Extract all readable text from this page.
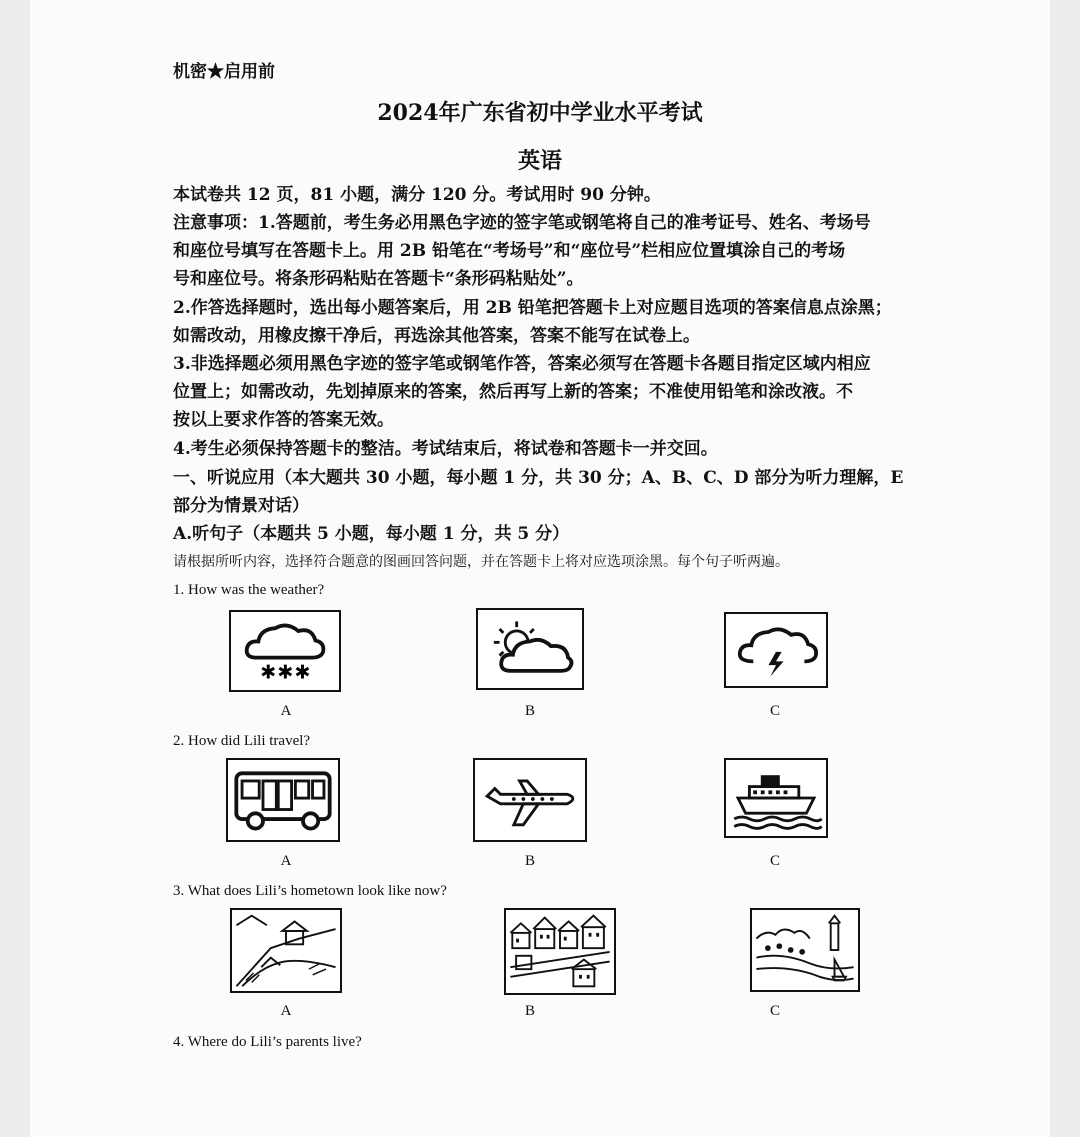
机密★启用前
2024年广东省初中学业水平考试
英语
本试卷共 12 页，81 小题，满分 120 分。考试用时 90 分钟。
注意事项：1.答题前，考生务必用黑色字迹的签字笔或钢笔将自己的准考证号、姓名、考场号
和座位号填写在答题卡上。用 2B 铅笔在“考场号”和“座位号”栏相应位置填涂自己的考场
号和座位号。将条形码粘贴在答题卡“条形码粘贴处”。
2.作答选择题时，选出每小题答案后，用 2B 铅笔把答题卡上对应题目选项的答案信息点涂黑；
如需改动，用橡皮擦干净后，再选涂其他答案，答案不能写在试卷上。
3.非选择题必须用黑色字迹的签字笔或钢笔作答，答案必须写在答题卡各题目指定区域内相应
位置上；如需改动，先划掉原来的答案，然后再写上新的答案；不准使用铅笔和涂改液。不
按以上要求作答的答案无效。
4.考生必须保持答题卡的整洁。考试结束后，将试卷和答题卡一并交回。
一、听说应用（本大题共 30 小题，每小题 1 分，共 30 分；A、B、C、D 部分为听力理解，E
部分为情景对话）
A.听句子（本题共 5 小题，每小题 1 分，共 5 分）
请根据所听内容，选择符合题意的图画回答问题，并在答题卡上将对应选项涂黑。每个句子听两遍。
1. How was the weather?
✱ ✱ ✱
A	B	C
2. How did Lili travel?
A	B	C
3. What does Lili’s hometown look like now?
A	B	C
4. Where do Lili’s parents live?
